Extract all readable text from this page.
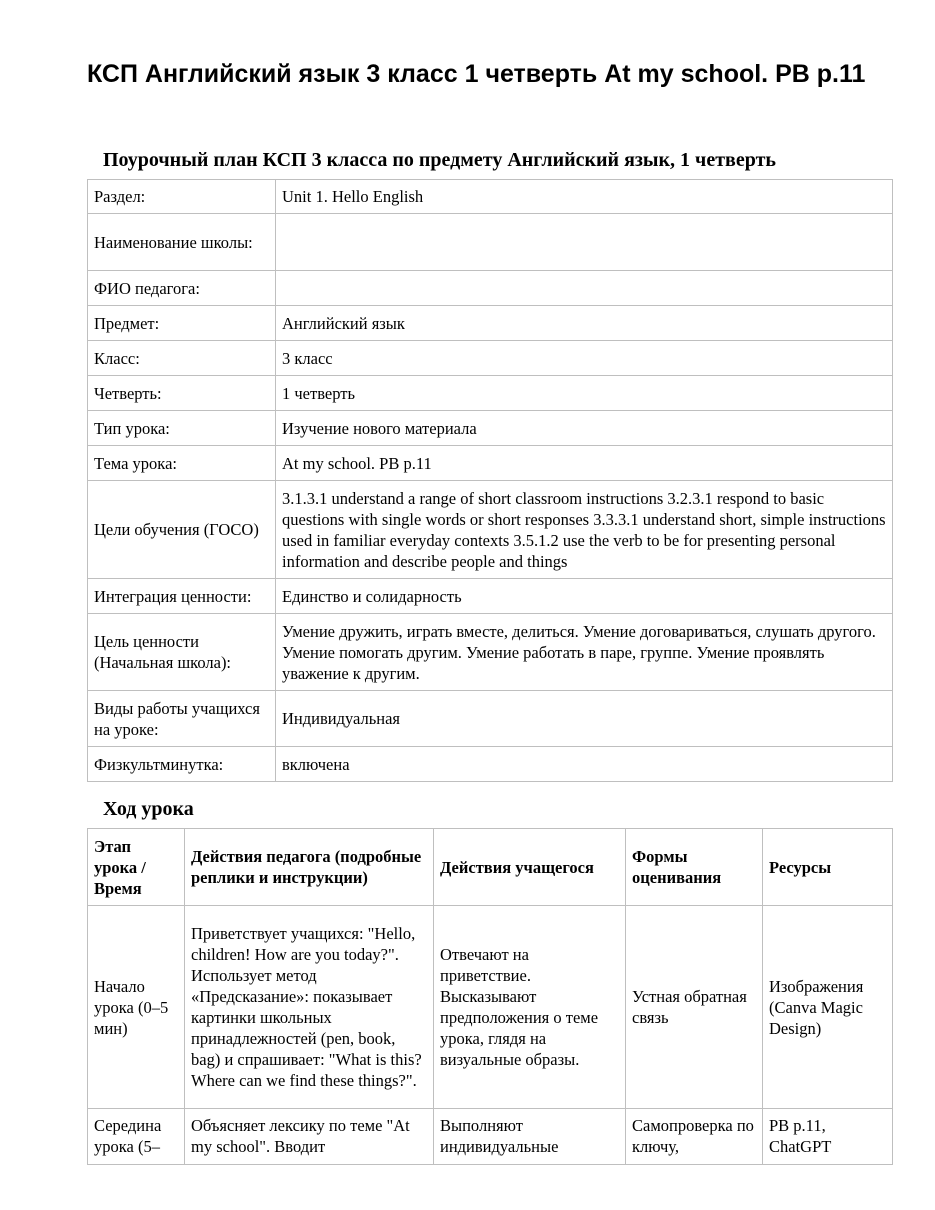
КСП Английский язык 3 класс 1 четверть At my school. PB p.11
Поурочный план КСП 3 класса по предмету Английский язык, 1 четверть
Раздел:	Unit 1. Hello English
Наименование школы:	
ФИО педагога:	
Предмет:	Английский язык
Класс:	3 класс
Четверть:	1 четверть
Тип урока:	Изучение нового материала
Тема урока:	At my school. PB p.11
Цели обучения (ГОСО)	3.1.3.1 understand a range of short classroom instructions 3.2.3.1 respond to basic questions with single words or short responses 3.3.3.1 understand short, simple instructions used in familiar everyday contexts 3.5.1.2 use the verb to be for presenting personal information and describe people and things
Интеграция ценности:	Единство и солидарность
Цель ценности (Начальная школа):	Умение дружить, играть вместе, делиться. Умение договариваться, слушать другого. Умение помогать другим. Умение работать в паре, группе. Умение проявлять уважение к другим.
Виды работы учащихся на уроке:	Индивидуальная
Физкультминутка:	включена
Ход урока
Этап урока / Время	Действия педагога (подробные реплики и инструкции)	Действия учащегося	Формы оценивания	Ресурсы
Начало урока (0–5 мин)	Приветствует учащихся: "Hello, children! How are you today?". Использует метод «Предсказание»: показывает картинки школьных принадлежностей (pen, book, bag) и спрашивает: "What is this? Where can we find these things?".	Отвечают на приветствие. Высказывают предположения о теме урока, глядя на визуальные образы.	Устная обратная связь	Изображения (Canva Magic Design)
Середина урока (5–	Объясняет лексику по теме "At my school". Вводит	Выполняют индивидуальные	Самопроверка по ключу,	PB p.11, ChatGPT
